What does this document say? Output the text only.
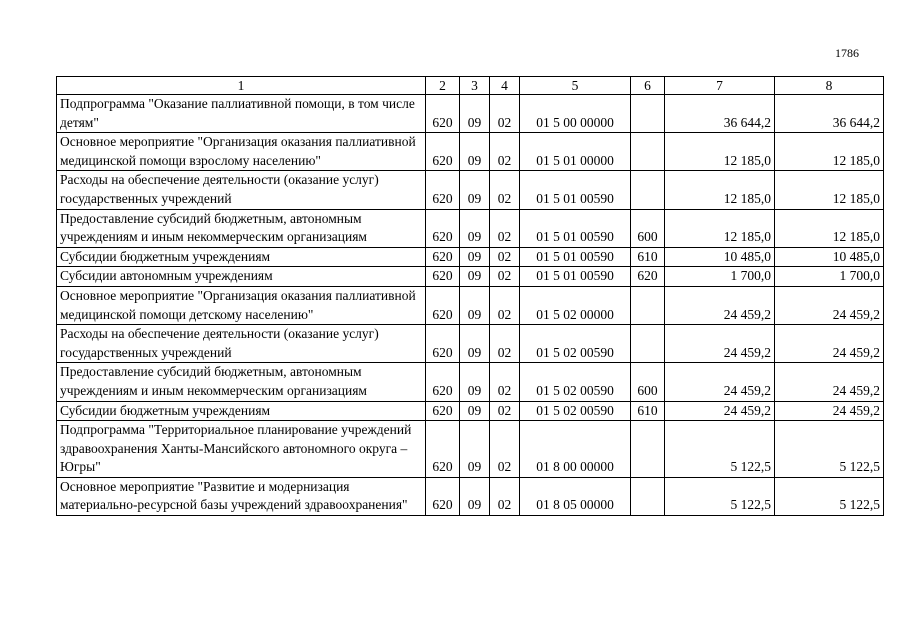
1786
1	2	3	4	5	6	7	8
Подпрограмма "Оказание паллиативной помощи, в том числе детям"	620	09	02	01 5 00 00000		36 644,2	36 644,2
Основное мероприятие "Организация оказания паллиативной медицинской помощи взрослому населению"	620	09	02	01 5 01 00000		12 185,0	12 185,0
Расходы на обеспечение деятельности (оказание услуг) государственных учреждений	620	09	02	01 5 01 00590		12 185,0	12 185,0
Предоставление субсидий бюджетным, автономным учреждениям и иным некоммерческим организациям	620	09	02	01 5 01 00590	600	12 185,0	12 185,0
Субсидии бюджетным учреждениям	620	09	02	01 5 01 00590	610	10 485,0	10 485,0
Субсидии автономным учреждениям	620	09	02	01 5 01 00590	620	1 700,0	1 700,0
Основное мероприятие "Организация оказания паллиативной медицинской помощи детскому населению"	620	09	02	01 5 02 00000		24 459,2	24 459,2
Расходы на обеспечение деятельности (оказание услуг) государственных учреждений	620	09	02	01 5 02 00590		24 459,2	24 459,2
Предоставление субсидий бюджетным, автономным учреждениям и иным некоммерческим организациям	620	09	02	01 5 02 00590	600	24 459,2	24 459,2
Субсидии бюджетным учреждениям	620	09	02	01 5 02 00590	610	24 459,2	24 459,2
Подпрограмма "Территориальное планирование учреждений здравоохранения Ханты-Мансийского автономного округа – Югры"	620	09	02	01 8 00 00000		5 122,5	5 122,5
Основное мероприятие "Развитие и модернизация материально-ресурсной базы учреждений здравоохранения"	620	09	02	01 8 05 00000		5 122,5	5 122,5
